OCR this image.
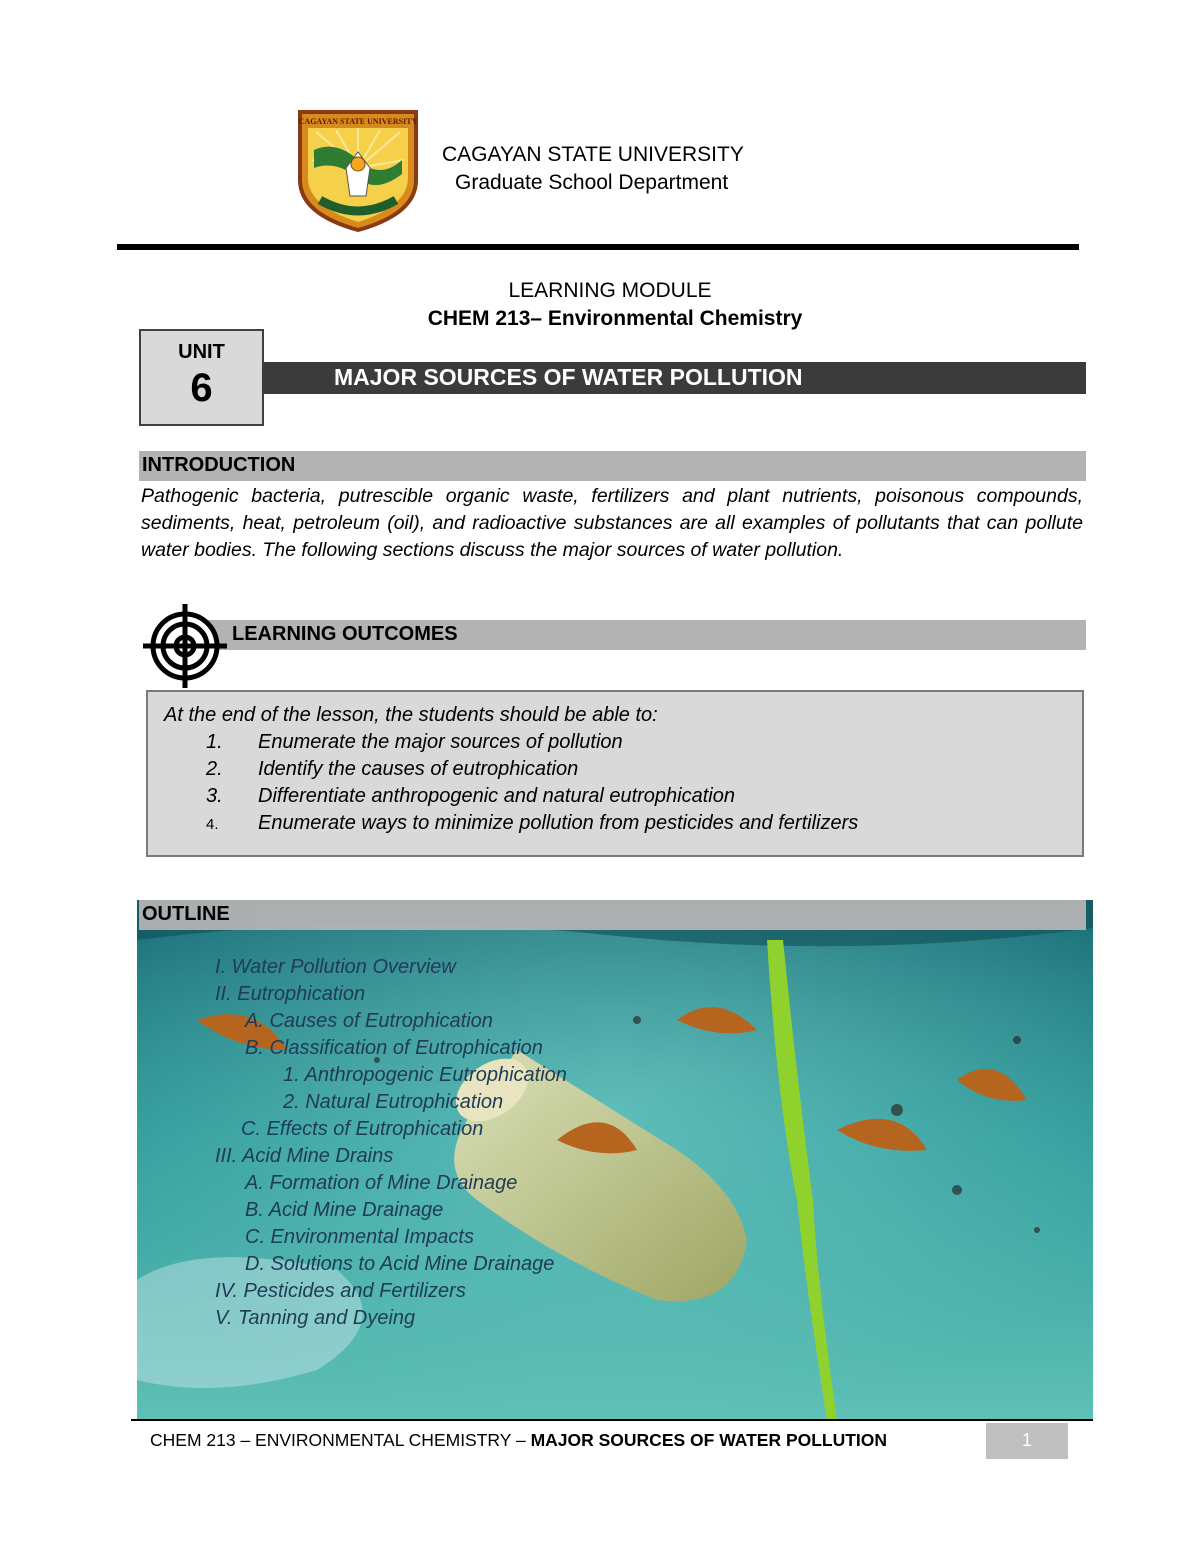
CAGAYAN STATE UNIVERSITY
CAGAYAN STATE UNIVERSITY
Graduate School Department
LEARNING MODULE
CHEM 213– Environmental Chemistry
UNIT
6	MAJOR SOURCES OF WATER POLLUTION
INTRODUCTION
Pathogenic bacteria, putrescible organic waste, fertilizers and plant nutrients, poisonous compounds, sediments, heat, petroleum (oil), and radioactive substances are all examples of pollutants that can pollute water bodies. The following sections discuss the major sources of water pollution.
LEARNING OUTCOMES
At the end of the lesson, the students should be able to:
1. Enumerate the major sources of pollution
2. Identify the causes of eutrophication
3. Differentiate anthropogenic and natural eutrophication
4. Enumerate ways to minimize pollution from pesticides and fertilizers
OUTLINE
I. Water Pollution Overview
II. Eutrophication
A. Causes of Eutrophication
B. Classification of Eutrophication
1. Anthropogenic Eutrophication
2. Natural Eutrophication
C. Effects of Eutrophication
III. Acid Mine Drains
A. Formation of Mine Drainage
B. Acid Mine Drainage
C. Environmental Impacts
D. Solutions to Acid Mine Drainage
IV. Pesticides and Fertilizers
V. Tanning and Dyeing
CHEM 213 – ENVIRONMENTAL CHEMISTRY – MAJOR SOURCES OF WATER POLLUTION	1
